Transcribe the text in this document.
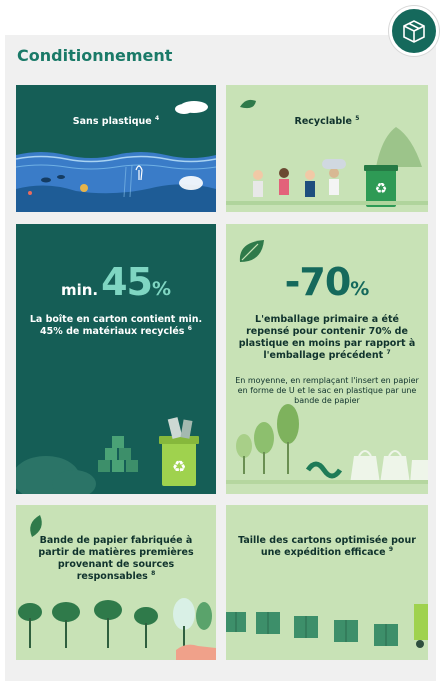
Conditionnement
Sans plastique $^4$
♻
Recyclable $^5$
min.45%
La boîte en carton contient min. 45% de matériaux recyclés $^6$
♻
-70%
L'emballage primaire a été repensé pour contenir 70% de plastique en moins par rapport à l'emballage précédent $^7$
En moyenne, en remplaçant l'insert en papier en forme de U et le sac en plastique par une bande de papier
Bande de papier fabriquée à partir de matières premières provenant de sources responsables $^8$
Taille des cartons optimisée pour une expédition efficace $^9$
